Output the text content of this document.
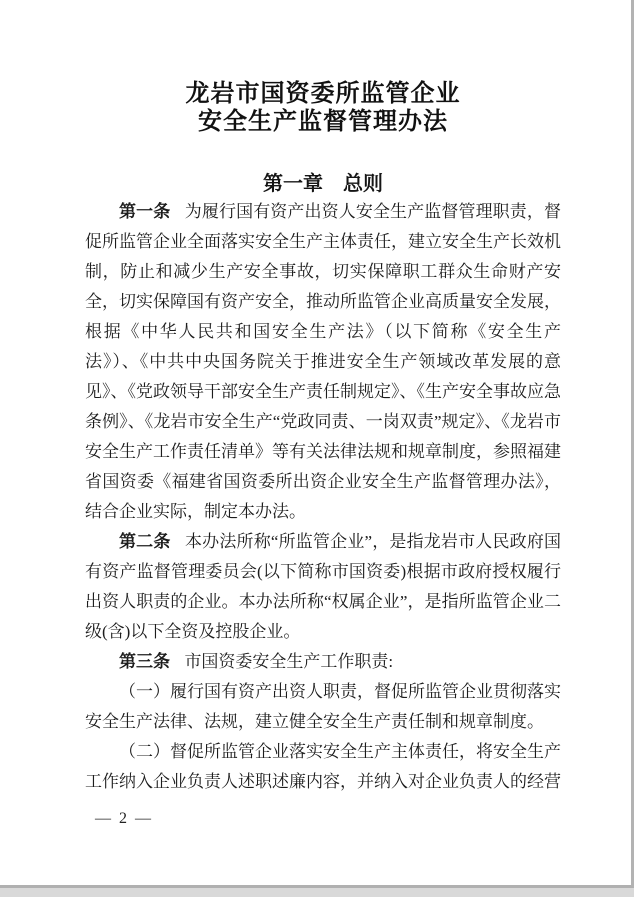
龙岩市国资委所监管企业
安全生产监督管理办法
第一章　总则

第一条 为履行国有资产出资人安全生产监督管理职责，督促所监管企业全面落实安全生产主体责任，建立安全生产长效机制，防止和减少生产安全事故，切实保障职工群众生命财产安全，切实保障国有资产安全，推动所监管企业高质量安全发展，根据《中华人民共和国安全生产法》（以下简称《安全生产法》）、《中共中央国务院关于推进安全生产领域改革发展的意见》、《党政领导干部安全生产责任制规定》、《生产安全事故应急条例》、《龙岩市安全生产“党政同责、一岗双责”规定》、《龙岩市安全生产工作责任清单》等有关法律法规和规章制度，参照福建省国资委《福建省国资委所出资企业安全生产监督管理办法》，结合企业实际，制定本办法。

第二条 本办法所称“所监管企业”，是指龙岩市人民政府国有资产监督管理委员会(以下简称市国资委)根据市政府授权履行出资人职责的企业。本办法所称“权属企业”，是指所监管企业二级(含)以下全资及控股企业。

第三条 市国资委安全生产工作职责:

（一）履行国有资产出资人职责，督促所监管企业贯彻落实安全生产法律、法规，建立健全安全生产责任制和规章制度。

（二）督促所监管企业落实安全生产主体责任，将安全生产工作纳入企业负责人述职述廉内容，并纳入对企业负责人的经营

— 2 —
